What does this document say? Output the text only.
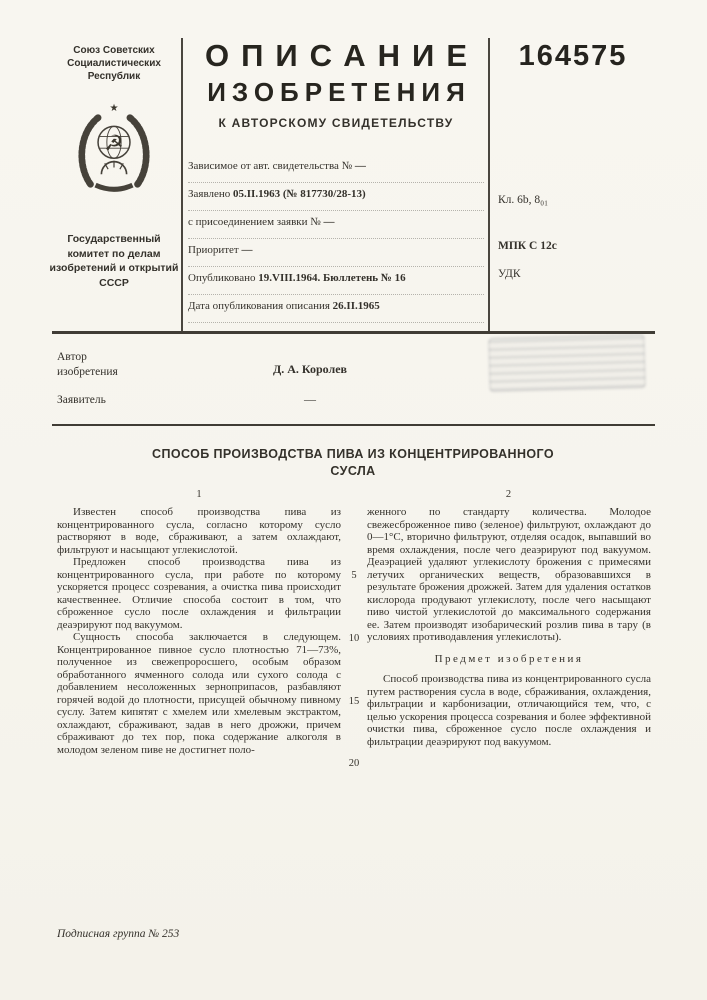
Союз Советских Социалистических Республик
☭
★
Государственный комитет по делам изобретений и открытий СССР
ОПИСАНИЕ
ИЗОБРЕТЕНИЯ
К АВТОРСКОМУ СВИДЕТЕЛЬСТВУ
Зависимое от авт. свидетельства № —
Заявлено 05.II.1963 (№ 817730/28-13)
с присоединением заявки № —
Приоритет —
Опубликовано 19.VIII.1964. Бюллетень № 16
Дата опубликования описания 26.II.1965
164575
Кл. 6b, 8₀₁
МПК С 12с
УДК
Автор изобретения	Д. А. Королев
Заявитель	—
СПОСОБ ПРОИЗВОДСТВА ПИВА ИЗ КОНЦЕНТРИРОВАННОГО СУСЛА
1	2

Известен способ производства пива из концентрированного сусла, согласно которому сусло растворяют в воде, сбраживают, а затем охлаждают, фильтруют и насыщают углекислотой.

Предложен способ производства пива из концентрированного сусла, при работе по которому ускоряется процесс созревания, а очистка пива происходит качественнее. Отличие способа состоит в том, что сброженное сусло после охлаждения и фильтрации деаэрируют под вакуумом.

Сущность способа заключается в следующем. Концентрированное пивное сусло плотностью 71—73%, полученное из свежепроросшего, особым образом обработанного ячменного солода или сухого солода с добавлением несоложенных зерноприпасов, разбавляют горячей водой до плотности, присущей обычному пивному суслу. Затем кипятят с хмелем или хмелевым экстрактом, охлаждают, сбраживают, задав в него дрожжи, причем сбраживают до тех пор, пока содержание алкоголя в молодом зеленом пиве не достигнет поло-

женного по стандарту количества. Молодое свежесброженное пиво (зеленое) фильтруют, охлаждают до 0—1°С, вторично фильтруют, отделяя осадок, выпавший во время охлаждения, после чего деаэрируют под вакуумом. Деаэрацией удаляют углекислоту брожения с примесями летучих органических веществ, образовавшихся в результате брожения дрожжей. Затем для удаления остатков кислорода продувают углекислоту, после чего насыщают пиво чистой углекислотой до максимального содержания ее. Затем производят изобарический розлив пива в тару (в условиях противодавления углекислоты).

Предмет изобретения

Способ производства пива из концентрированного сусла путем растворения сусла в воде, сбраживания, охлаждения, фильтрации и карбонизации, отличающийся тем, что, с целью ускорения процесса созревания и более эффективной очистки пива, сброженное сусло после охлаждения и фильтрации деаэрируют под вакуумом.

5
10
15
20
Подписная группа № 253
